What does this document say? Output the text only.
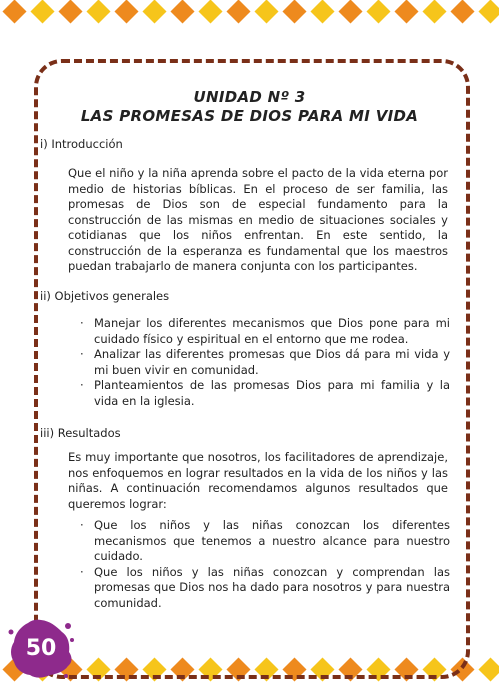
UNIDAD Nº 3
LAS PROMESAS DE DIOS PARA MI VIDA
i) Introducción
Que el niño y la niña aprenda sobre el pacto de la vida eterna por medio de historias bíblicas. En el proceso de ser familia, las promesas de Dios son de especial fundamento para la construcción de las mismas en medio de situaciones sociales y cotidianas que los niños enfrentan. En este sentido, la construcción de la esperanza es fundamental que los maestros puedan trabajarlo de manera conjunta con los participantes.
ii) Objetivos generales
· Manejar los diferentes mecanismos que Dios pone para mi cuidado físico y espiritual en el entorno que me rodea.
· Analizar las diferentes promesas que Dios dá para mi vida y mi buen vivir en comunidad.
· Planteamientos de las promesas Dios para mi familia y la vida en la iglesia.
iii) Resultados
Es muy importante que nosotros, los facilitadores de aprendizaje, nos enfoquemos en lograr resultados en la vida de los niños y las niñas. A continuación recomendamos algunos resultados que queremos lograr:
· Que los niños y las niñas conozcan los diferentes mecanismos que tenemos a nuestro alcance para nuestro cuidado.
· Que los niños y las niñas conozcan y comprendan las promesas que Dios nos ha dado para nosotros y para nuestra comunidad.
50
